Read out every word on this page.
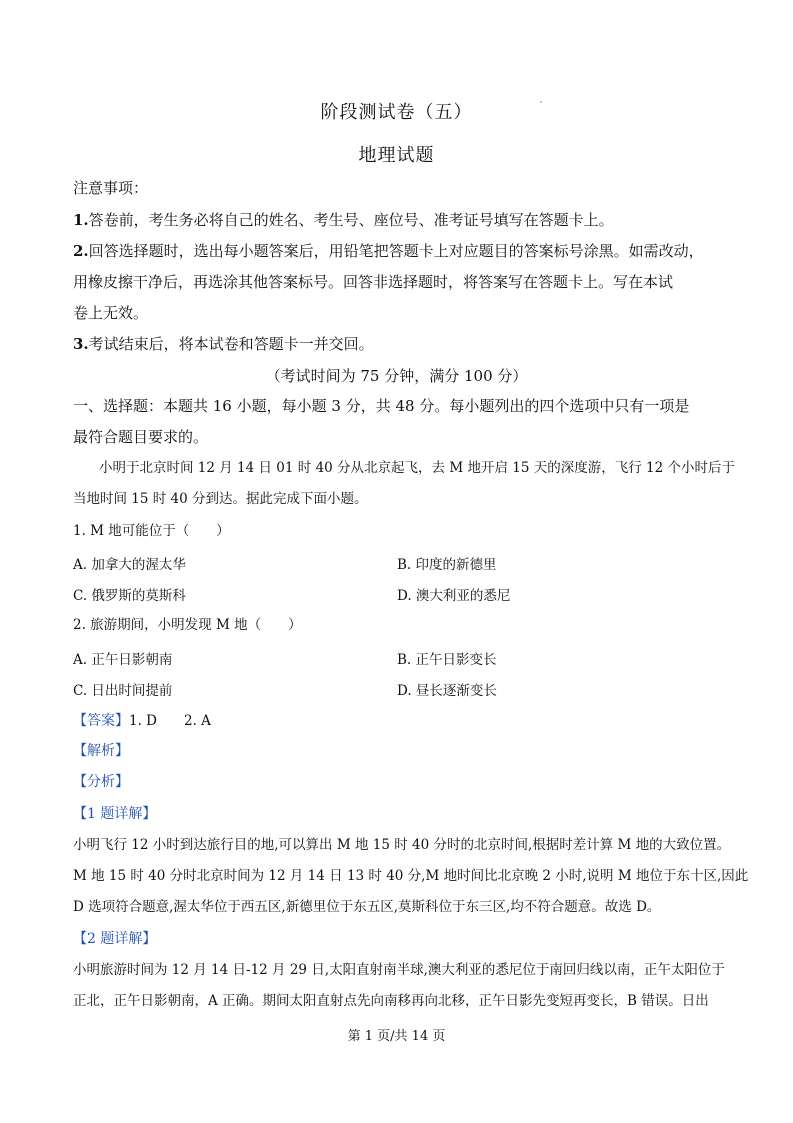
阶段测试卷（五）
地理试题
注意事项：
1.答卷前，考生务必将自己的姓名、考生号、座位号、准考证号填写在答题卡上。
2.回答选择题时，选出每小题答案后，用铅笔把答题卡上对应题目的答案标号涂黑。如需改动，
用橡皮擦干净后，再选涂其他答案标号。回答非选择题时，将答案写在答题卡上。写在本试
卷上无效。
3.考试结束后，将本试卷和答题卡一并交回。
（考试时间为 75 分钟，满分 100 分）
一、选择题：本题共 16 小题，每小题 3 分，共 48 分。每小题列出的四个选项中只有一项是
最符合题目要求的。
小明于北京时间 12 月 14 日 01 时 40 分从北京起飞，去 M 地开启 15 天的深度游，飞行 12 个小时后于
当地时间 15 时 40 分到达。据此完成下面小题。
1. M 地可能位于（　　）
A. 加拿大的渥太华	B. 印度的新德里
C. 俄罗斯的莫斯科	D. 澳大利亚的悉尼
2. 旅游期间，小明发现 M 地（　　）
A. 正午日影朝南	B. 正午日影变长
C. 日出时间提前	D. 昼长逐渐变长
【答案】1. D　　2. A
【解析】
【分析】
【1 题详解】
小明飞行 12 小时到达旅行目的地,可以算出 M 地 15 时 40 分时的北京时间,根据时差计算 M 地的大致位置。
M 地 15 时 40 分时北京时间为 12 月 14 日 13 时 40 分,M 地时间比北京晚 2 小时,说明 M 地位于东十区,因此
D 选项符合题意,渥太华位于西五区,新德里位于东五区,莫斯科位于东三区,均不符合题意。故选 D。
【2 题详解】
小明旅游时间为 12 月 14 日-12 月 29 日,太阳直射南半球,澳大利亚的悉尼位于南回归线以南，正午太阳位于
正北，正午日影朝南，A 正确。期间太阳直射点先向南移再向北移，正午日影先变短再变长，B 错误。日出
第 1 页/共 14 页
